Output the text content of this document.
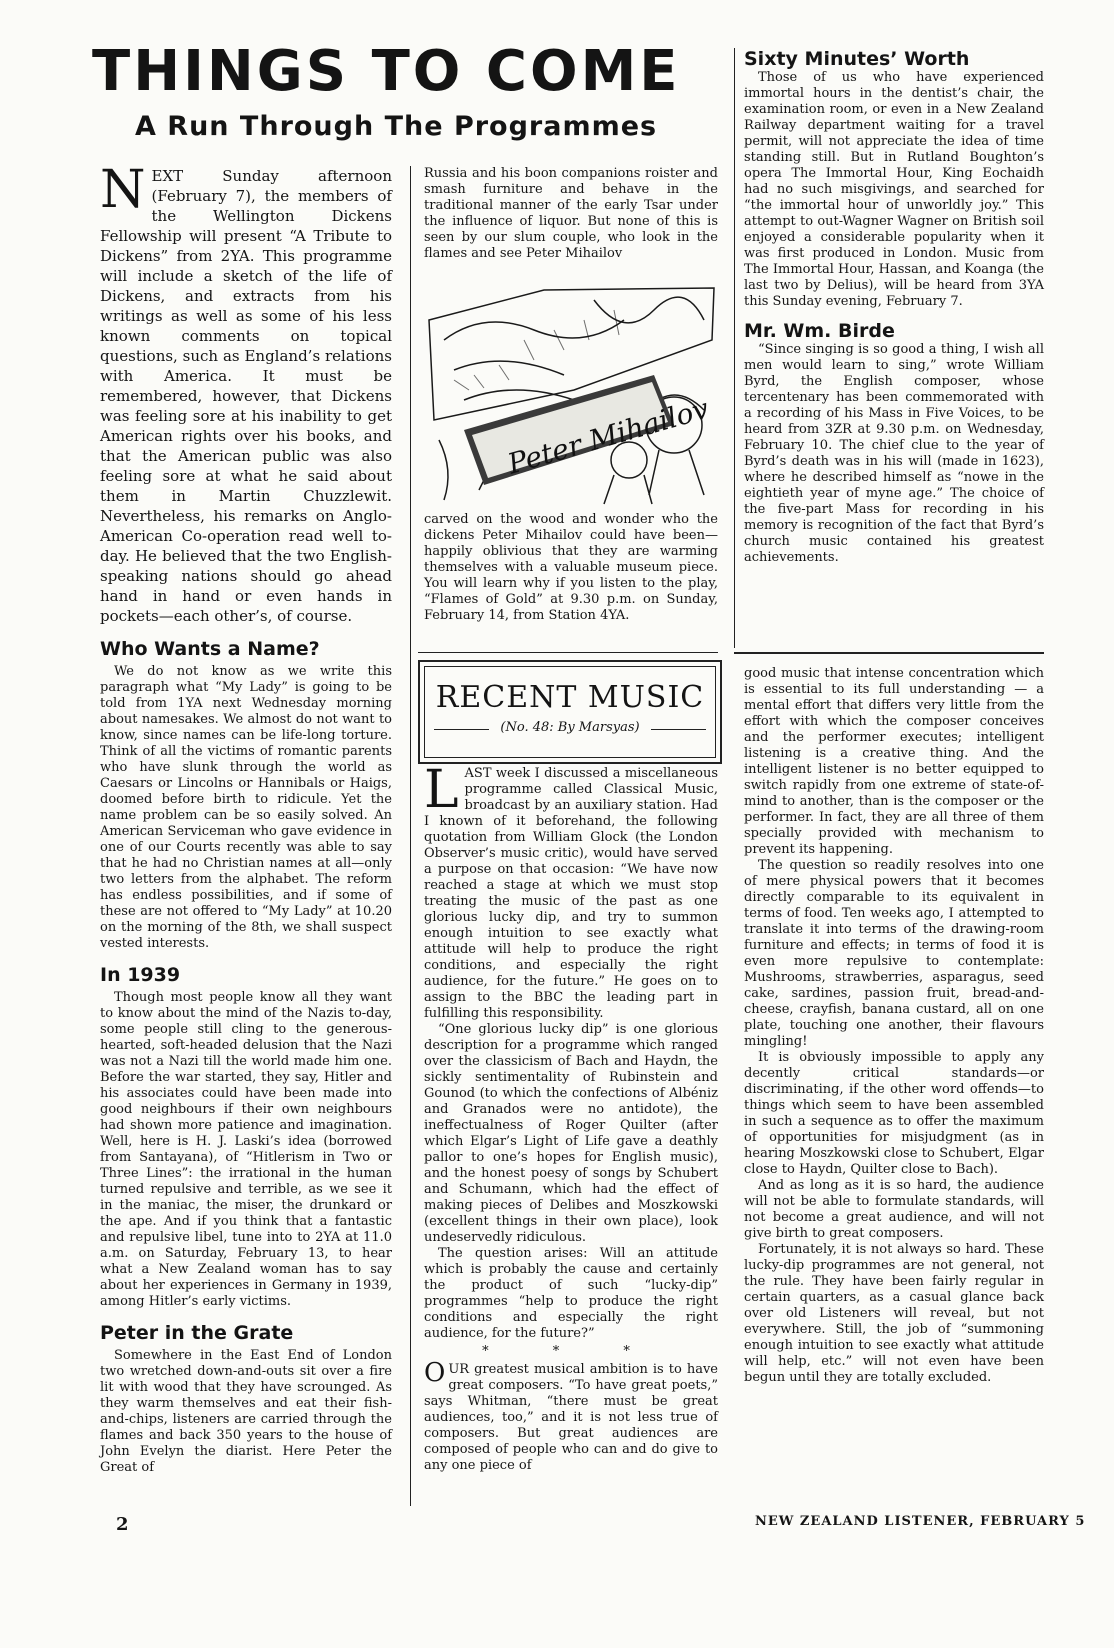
THINGS TO COME
A Run Through The Programmes

NEXT Sunday afternoon (February 7), the members of the Wellington Dickens Fellowship will present “A Tribute to Dickens” from 2YA. This programme will include a sketch of the life of Dickens, and extracts from his writings as well as some of his less known comments on topical questions, such as England’s relations with America. It must be remembered, however, that Dickens was feeling sore at his inability to get American rights over his books, and that the American public was also feeling sore at what he said about them in Martin Chuzzlewit. Nevertheless, his remarks on Anglo-American Co-operation read well to-day. He believed that the two English-speaking nations should go ahead hand in hand or even hands in pockets—each other’s, of course.

Who Wants a Name?

We do not know as we write this paragraph what “My Lady” is going to be told from 1YA next Wednesday morning about namesakes. We almost do not want to know, since names can be life-long torture. Think of all the victims of romantic parents who have slunk through the world as Caesars or Lincolns or Hannibals or Haigs, doomed before birth to ridicule. Yet the name problem can be so easily solved. An American Serviceman who gave evidence in one of our Courts recently was able to say that he had no Christian names at all—only two letters from the alphabet. The reform has endless possibilities, and if some of these are not offered to “My Lady” at 10.20 on the morning of the 8th, we shall suspect vested interests.

In 1939

Though most people know all they want to know about the mind of the Nazis to-day, some people still cling to the generous-hearted, soft-headed delusion that the Nazi was not a Nazi till the world made him one. Before the war started, they say, Hitler and his associates could have been made into good neighbours if their own neighbours had shown more patience and imagination. Well, here is H. J. Laski’s idea (borrowed from Santayana), of “Hitlerism in Two or Three Lines”: the irrational in the human turned repulsive and terrible, as we see it in the maniac, the miser, the drunkard or the ape. And if you think that a fantastic and repulsive libel, tune into to 2YA at 11.0 a.m. on Saturday, February 13, to hear what a New Zealand woman has to say about her experiences in Germany in 1939, among Hitler’s early victims.

Peter in the Grate

Somewhere in the East End of London two wretched down-and-outs sit over a fire lit with wood that they have scrounged. As they warm themselves and eat their fish-and-chips, listeners are carried through the flames and back 350 years to the house of John Evelyn the diarist. Here Peter the Great of

Russia and his boon companions roister and smash furniture and behave in the traditional manner of the early Tsar under the influence of liquor. But none of this is seen by our slum couple, who look in the flames and see Peter Mihailov

Peter Mihailov

carved on the wood and wonder who the dickens Peter Mihailov could have been—happily oblivious that they are warming themselves with a valuable museum piece. You will learn why if you listen to the play, “Flames of Gold” at 9.30 p.m. on Sunday, February 14, from Station 4YA.

Sixty Minutes’ Worth

Those of us who have experienced immortal hours in the dentist’s chair, the examination room, or even in a New Zealand Railway department waiting for a travel permit, will not appreciate the idea of time standing still. But in Rutland Boughton’s opera The Immortal Hour, King Eochaidh had no such misgivings, and searched for “the immortal hour of unworldly joy.” This attempt to out-Wagner Wagner on British soil enjoyed a considerable popularity when it was first produced in London. Music from The Immortal Hour, Hassan, and Koanga (the last two by Delius), will be heard from 3YA this Sunday evening, February 7.

Mr. Wm. Birde

“Since singing is so good a thing, I wish all men would learn to sing,” wrote William Byrd, the English composer, whose tercentenary has been commemorated with a recording of his Mass in Five Voices, to be heard from 3ZR at 9.30 p.m. on Wednesday, February 10. The chief clue to the year of Byrd’s death was in his will (made in 1623), where he described himself as “nowe in the eightieth year of myne age.” The choice of the five-part Mass for recording in his memory is recognition of the fact that Byrd’s church music contained his greatest achievements.

RECENT MUSIC
(No. 48: By Marsyas)

LAST week I discussed a miscellaneous programme called Classical Music, broadcast by an auxiliary station. Had I known of it beforehand, the following quotation from William Glock (the London Observer’s music critic), would have served a purpose on that occasion: “We have now reached a stage at which we must stop treating the music of the past as one glorious lucky dip, and try to summon enough intuition to see exactly what attitude will help to produce the right conditions, and especially the right audience, for the future.” He goes on to assign to the BBC the leading part in fulfilling this responsibility.

“One glorious lucky dip” is one glorious description for a programme which ranged over the classicism of Bach and Haydn, the sickly sentimentality of Rubinstein and Gounod (to which the confections of Albéniz and Granados were no antidote), the ineffectualness of Roger Quilter (after which Elgar’s Light of Life gave a deathly pallor to one’s hopes for English music), and the honest poesy of songs by Schubert and Schumann, which had the effect of making pieces of Delibes and Moszkowski (excellent things in their own place), look undeservedly ridiculous.

The question arises: Will an attitude which is probably the cause and certainly the product of such “lucky-dip” programmes “help to produce the right conditions and especially the right audience, for the future?”

* * *

OUR greatest musical ambition is to have great composers. “To have great poets,” says Whitman, “there must be great audiences, too,” and it is not less true of composers. But great audiences are composed of people who can and do give to any one piece of

good music that intense concentration which is essential to its full understanding — a mental effort that differs very little from the effort with which the composer conceives and the performer executes; intelligent listening is a creative thing. And the intelligent listener is no better equipped to switch rapidly from one extreme of state-of-mind to another, than is the composer or the performer. In fact, they are all three of them specially provided with mechanism to prevent its happening.

The question so readily resolves into one of mere physical powers that it becomes directly comparable to its equivalent in terms of food. Ten weeks ago, I attempted to translate it into terms of the drawing-room furniture and effects; in terms of food it is even more repulsive to contemplate: Mushrooms, strawberries, asparagus, seed cake, sardines, passion fruit, bread-and-cheese, crayfish, banana custard, all on one plate, touching one another, their flavours mingling!

It is obviously impossible to apply any decently critical standards—or discriminating, if the other word offends—to things which seem to have been assembled in such a sequence as to offer the maximum of opportunities for misjudgment (as in hearing Moszkowski close to Schubert, Elgar close to Haydn, Quilter close to Bach).

And as long as it is so hard, the audience will not be able to formulate standards, will not become a great audience, and will not give birth to great composers.

Fortunately, it is not always so hard. These lucky-dip programmes are not general, not the rule. They have been fairly regular in certain quarters, as a casual glance back over old Listeners will reveal, but not everywhere. Still, the job of “summoning enough intuition to see exactly what attitude will help, etc.” will not even have been begun until they are totally excluded.

2	NEW ZEALAND LISTENER, FEBRUARY 5
